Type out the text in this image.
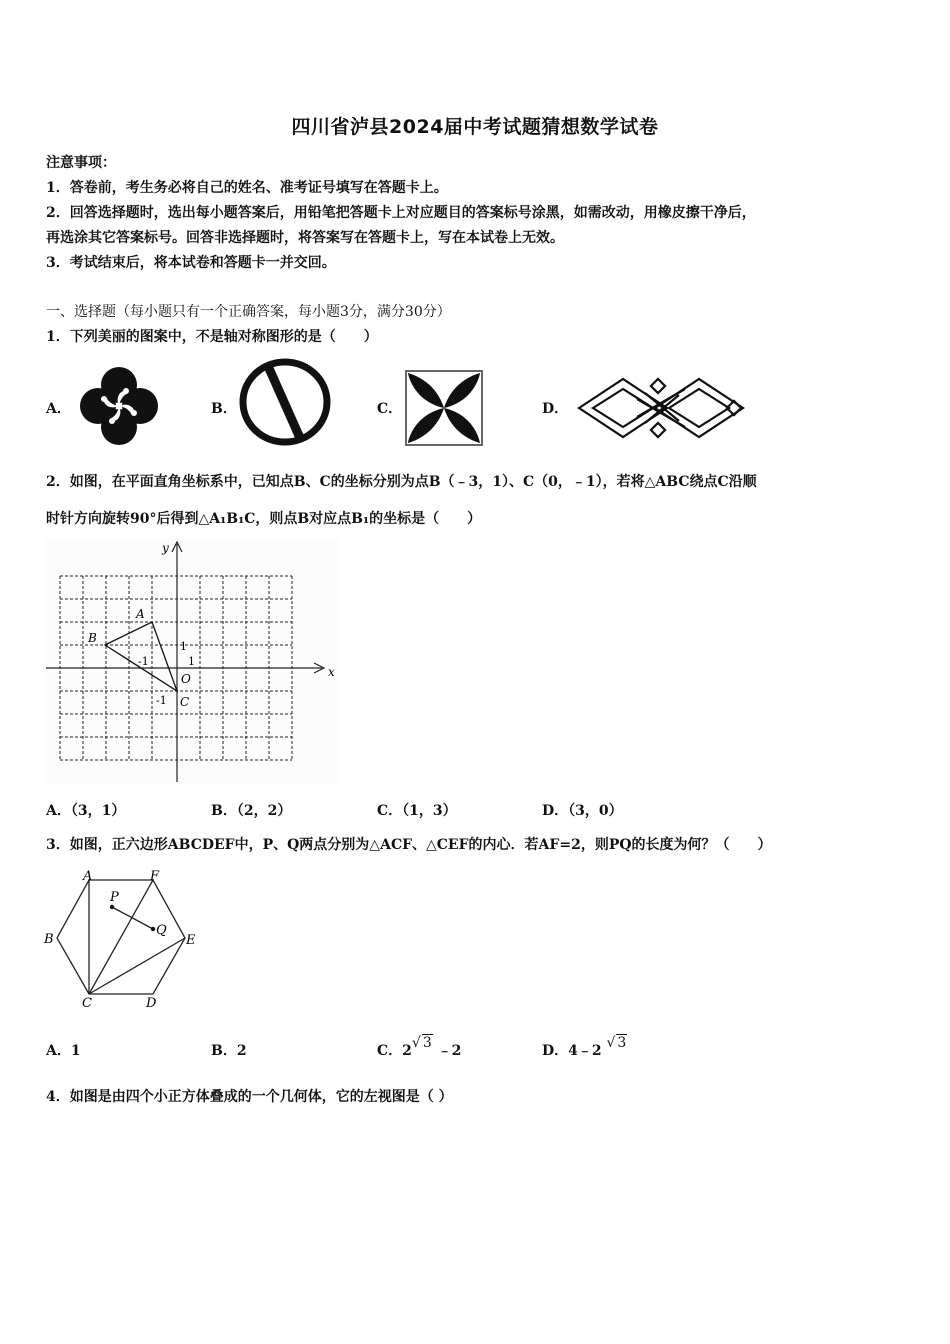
四川省泸县2024届中考试题猜想数学试卷
注意事项：
1．答卷前，考生务必将自己的姓名、准考证号填写在答题卡上。
2．回答选择题时，选出每小题答案后，用铅笔把答题卡上对应题目的答案标号涂黑，如需改动，用橡皮擦干净后，
再选涂其它答案标号。回答非选择题时，将答案写在答题卡上，写在本试卷上无效。
3．考试结束后，将本试卷和答题卡一并交回。
一、选择题（每小题只有一个正确答案，每小题3分，满分30分）
1．下列美丽的图案中，不是轴对称图形的是（　　）
A．	B．	C．	D．
2．如图，在平面直角坐标系中，已知点B、C的坐标分别为点B（﹣3，1）、C（0，﹣1），若将△ABC绕点C沿顺
时针方向旋转90°后得到△A₁B₁C，则点B对应点B₁的坐标是（　　）
y
x
A
B
O
C
1
1
-1
-1
A．（3，1）	B．（2，2）	C．（1，3）	D．（3，0）
3．如图，正六边形ABCDEF中，P、Q两点分别为△ACF、△CEF的内心．若AF=2，则PQ的长度为何？（　　）
A	F
B	E
C	D
P
Q
A．1	B．2	C．2√ 3 ﹣2	D．4﹣2 √ 3
4．如图是由四个小正方体叠成的一个几何体，它的左视图是（ ）
